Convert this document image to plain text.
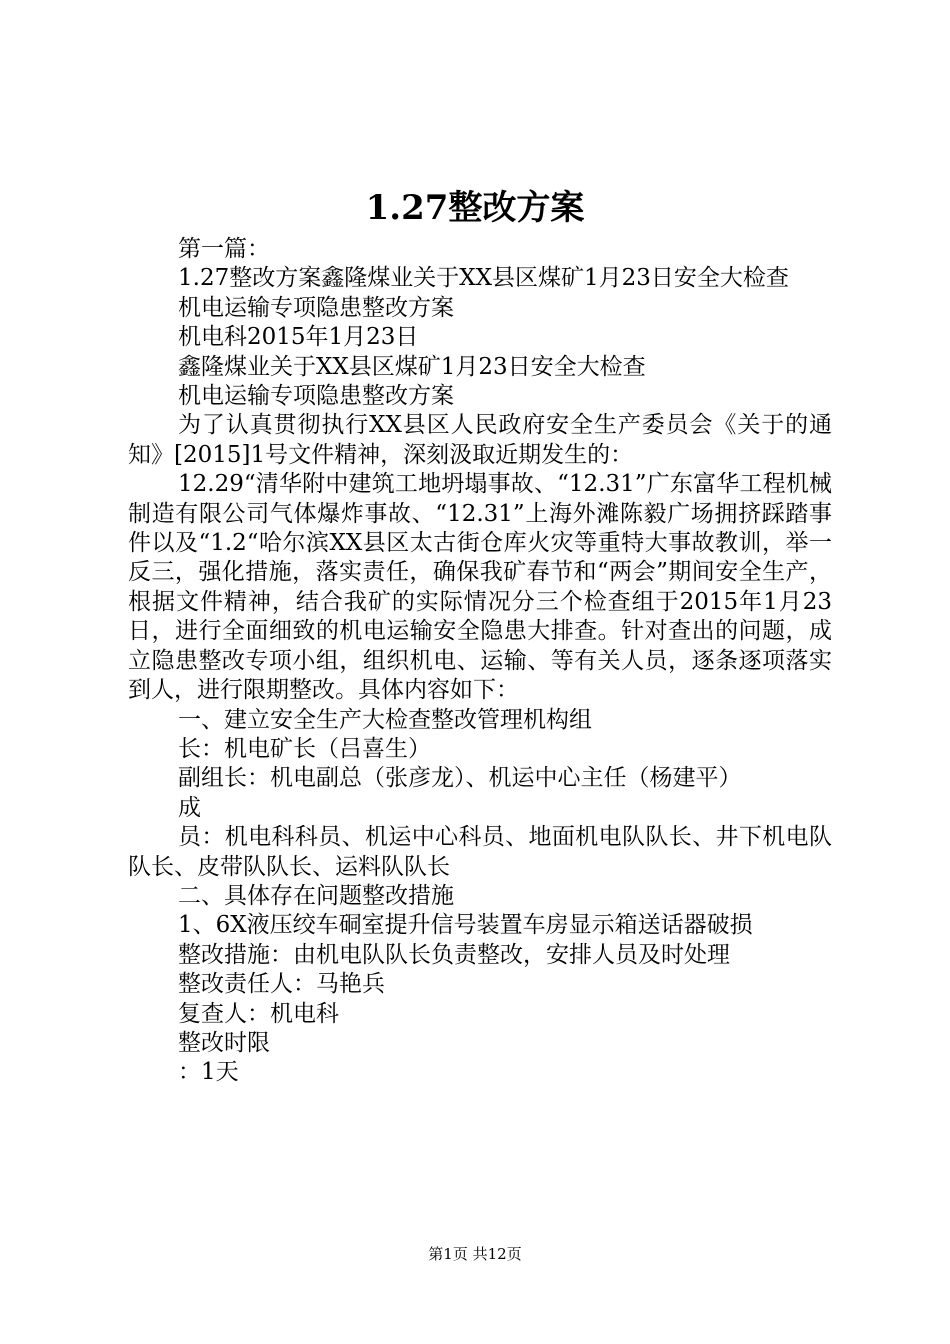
1.27整改方案

第一篇：

1.27整改方案鑫隆煤业关于XX县区煤矿1月23日安全大检查

机电运输专项隐患整改方案

机电科2015年1月23日

鑫隆煤业关于XX县区煤矿1月23日安全大检查

机电运输专项隐患整改方案

为了认真贯彻执行XX县区人民政府安全生产委员会《关于的通知》[2015]1号文件精神，深刻汲取近期发生的：

12.29“清华附中建筑工地坍塌事故、“12.31”广东富华工程机械制造有限公司气体爆炸事故、“12.31”上海外滩陈毅广场拥挤踩踏事件以及“1.2“哈尔滨XX县区太古街仓库火灾等重特大事故教训，举一反三，强化措施，落实责任，确保我矿春节和“两会”期间安全生产，根据文件精神，结合我矿的实际情况分三个检查组于2015年1月23日，进行全面细致的机电运输安全隐患大排查。针对查出的问题，成立隐患整改专项小组，组织机电、运输、等有关人员，逐条逐项落实到人，进行限期整改。具体内容如下：

一、建立安全生产大检查整改管理机构组

长：机电矿长（吕喜生）

副组长：机电副总（张彦龙）、机运中心主任（杨建平）

成

员：机电科科员、机运中心科员、地面机电队队长、井下机电队队长、皮带队队长、运料队队长

二、具体存在问题整改措施

1、6X液压绞车硐室提升信号装置车房显示箱送话器破损

整改措施：由机电队队长负责整改，安排人员及时处理

整改责任人：马艳兵

复查人：机电科

整改时限

：1天

第1页 共12页
